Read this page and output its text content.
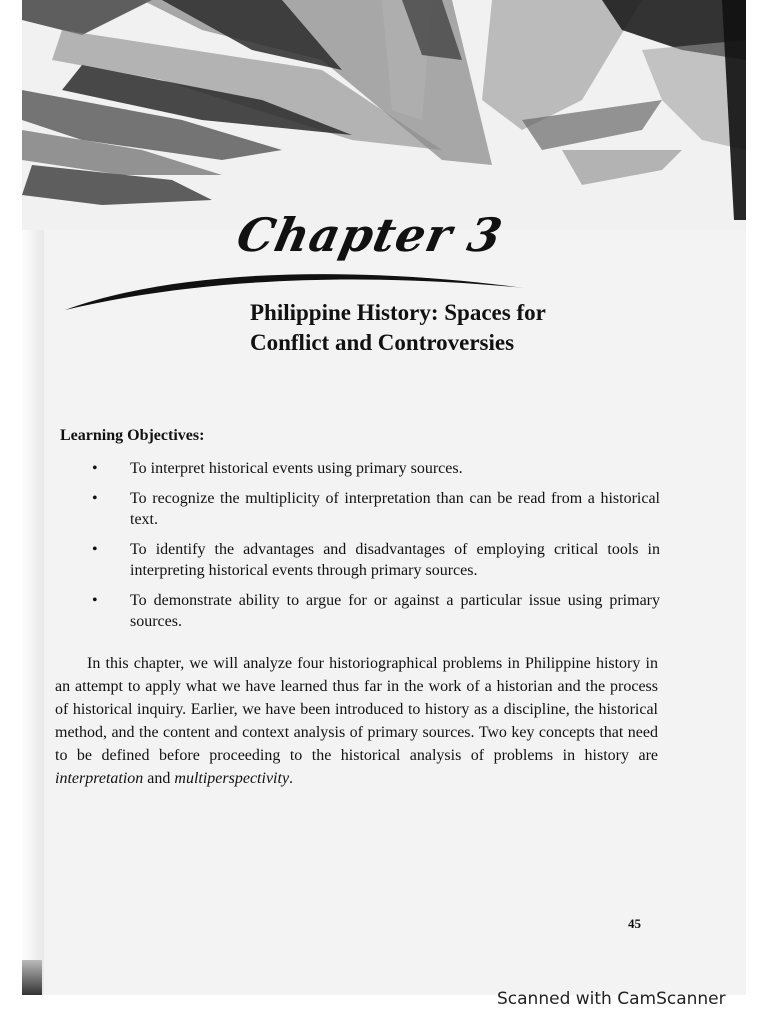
Chapter 3
Philippine History: Spaces for
Conflict and Controversies
Learning Objectives:
• To interpret historical events using primary sources.
• To recognize the multiplicity of interpretation than can be read from a historical text.
• To identify the advantages and disadvantages of employing critical tools in interpreting historical events through primary sources.
• To demonstrate ability to argue for or against a particular issue using primary sources.

In this chapter, we will analyze four historiographical problems in Philippine history in an attempt to apply what we have learned thus far in the work of a historian and the process of historical inquiry. Earlier, we have been introduced to history as a discipline, the historical method, and the content and context analysis of primary sources. Two key concepts that need to be defined before proceeding to the historical analysis of problems in history are interpretation and multiperspectivity.

45
Scanned with CamScanner
